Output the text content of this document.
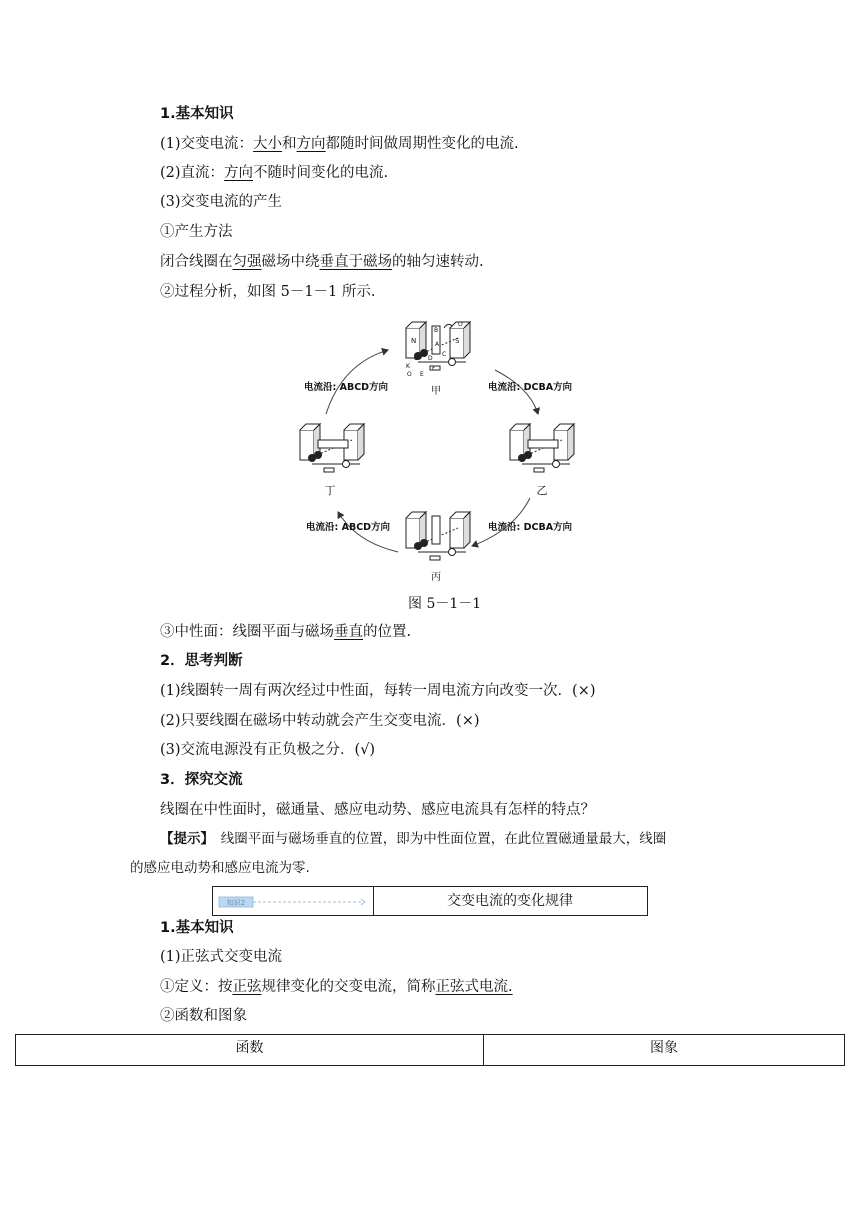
1.基本知识
(1)交变电流：大小和方向都随时间做周期性变化的电流.
(2)直流：方向不随时间变化的电流.
(3)交变电流的产生
①产生方法
闭合线圈在匀强磁场中绕垂直于磁场的轴匀速转动.
②过程分析，如图 5－1－1 所示.
N	S
O
O′
B
A
C
D
K
L
E
F
甲
乙
丙
丁
电流沿: ABCD方向	电流沿: DCBA方向
电流沿: ABCD方向	电流沿: DCBA方向
图 5－1－1
③中性面：线圈平面与磁场垂直的位置.
2．思考判断
(1)线圈转一周有两次经过中性面，每转一周电流方向改变一次．(×)
(2)只要线圈在磁场中转动就会产生交变电流．(×)
(3)交流电源没有正负极之分．(√)
3．探究交流
线圈在中性面时，磁通量、感应电动势、感应电流具有怎样的特点？
【提示】　线圈平面与磁场垂直的位置，即为中性面位置，在此位置磁通量最大，线圈
的感应电动势和感应电流为零.
知识2	交变电流的变化规律
1.基本知识
(1)正弦式交变电流
①定义：按正弦规律变化的交变电流，简称正弦式电流.
②函数和图象
函数	图象
